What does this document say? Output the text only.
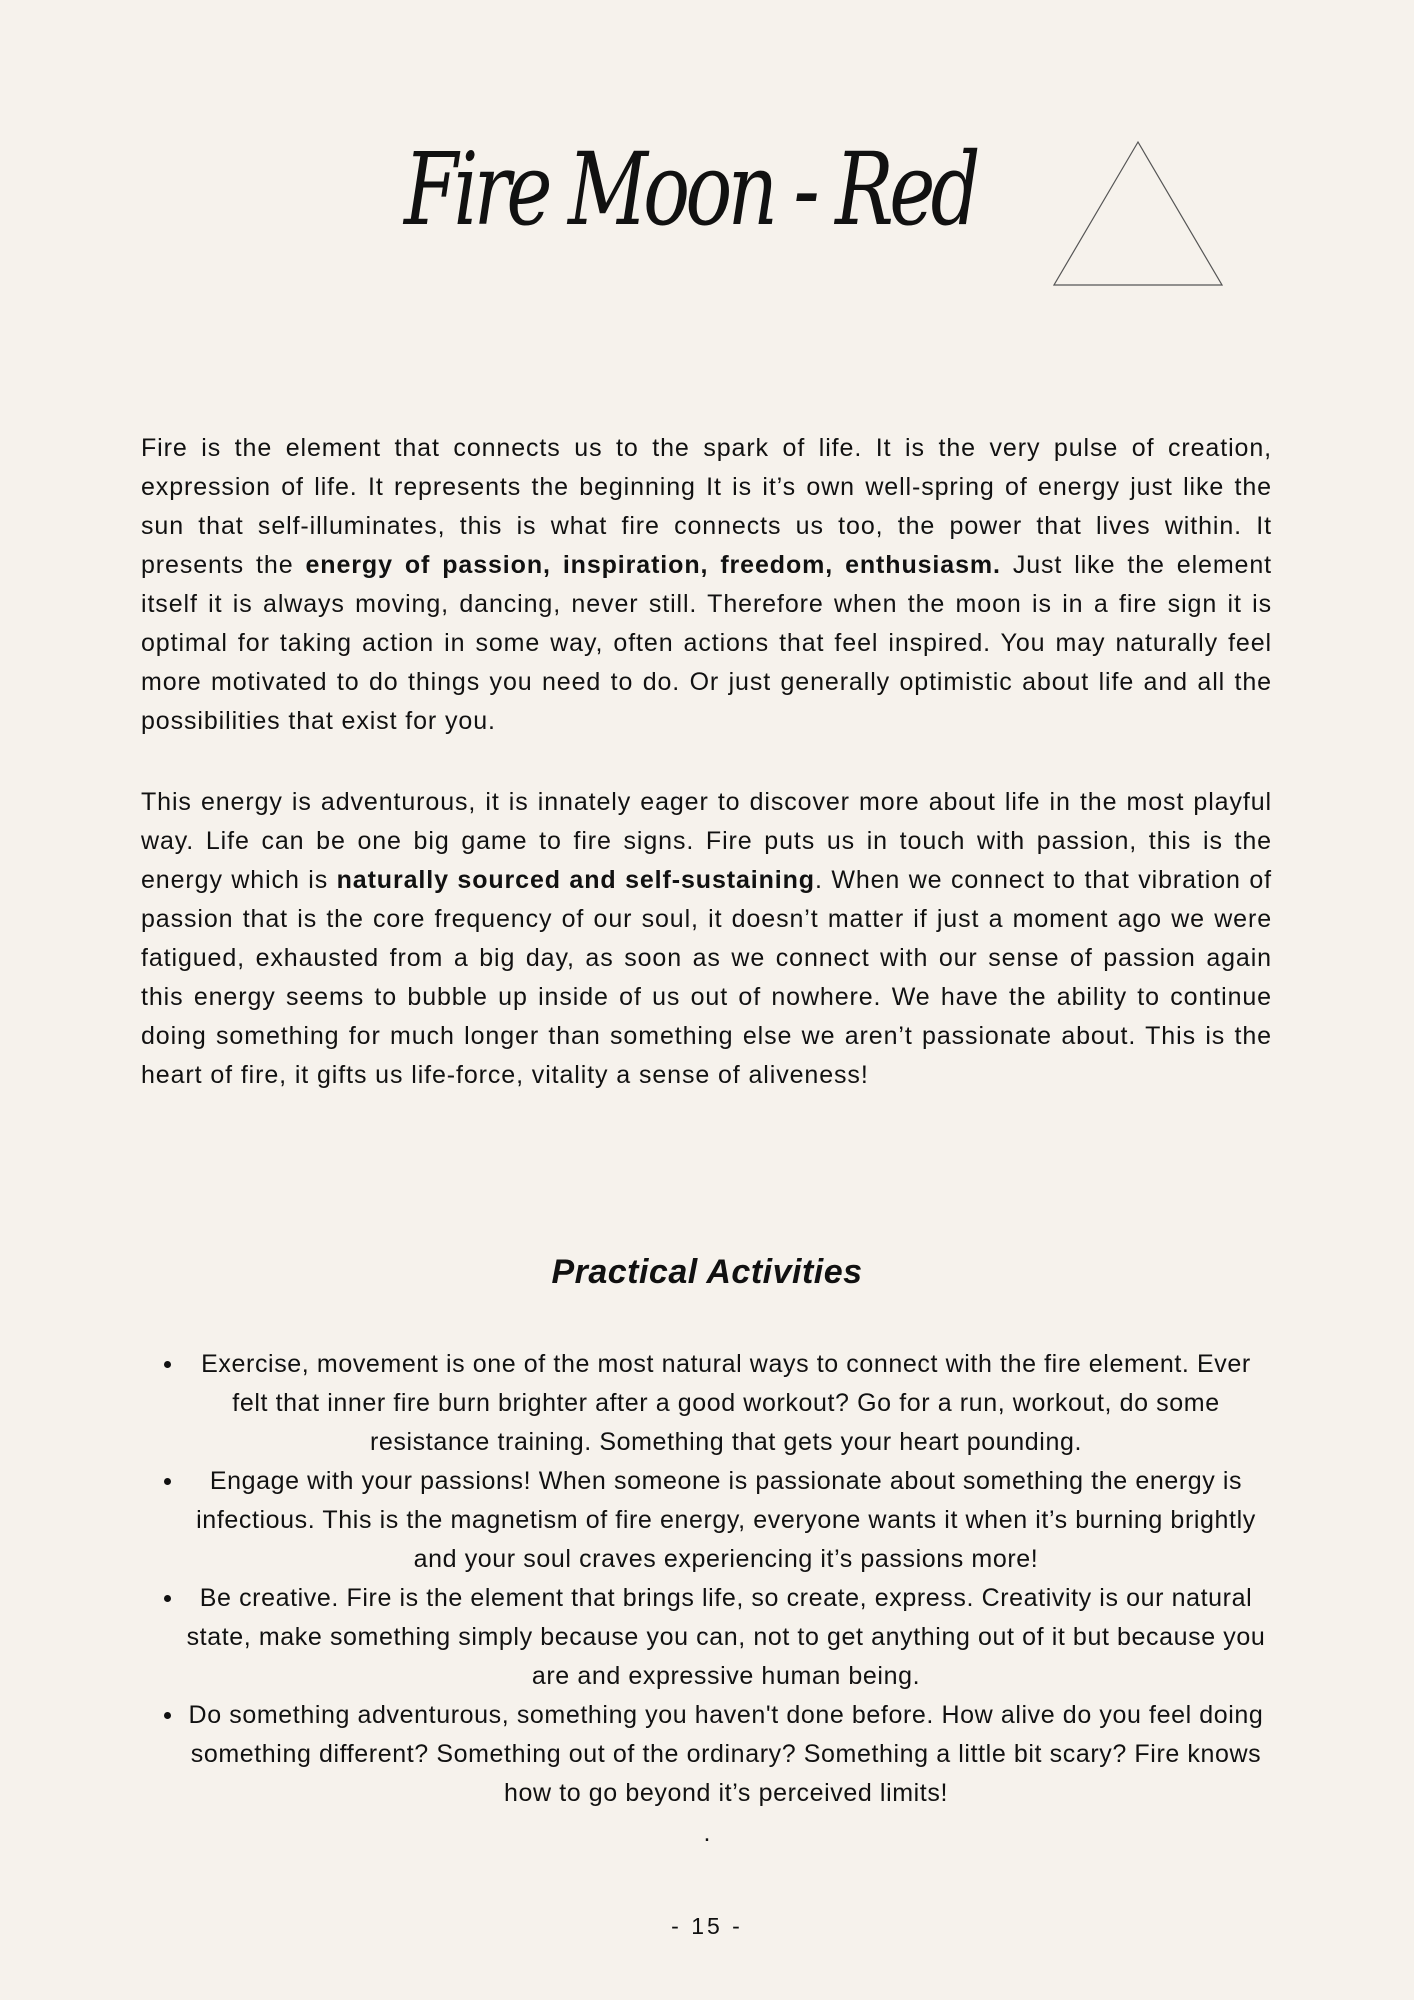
Fire Moon - Red

Fire is the element that connects us to the spark of life. It is the very pulse of creation, expression of life. It represents the beginning It is it’s own well-spring of energy just like the sun that self-illuminates, this is what fire connects us too, the power that lives within. It presents the energy of passion, inspiration, freedom, enthusiasm. Just like the element itself it is always moving, dancing, never still. Therefore when the moon is in a fire sign it is optimal for taking action in some way, often actions that feel inspired. You may naturally feel more motivated to do things you need to do. Or just generally optimistic about life and all the possibilities that exist for you.

This energy is adventurous, it is innately eager to discover more about life in the most playful way. Life can be one big game to fire signs. Fire puts us in touch with passion, this is the energy which is naturally sourced and self-sustaining. When we connect to that vibration of passion that is the core frequency of our soul, it doesn’t matter if just a moment ago we were fatigued, exhausted from a big day, as soon as we connect with our sense of passion again this energy seems to bubble up inside of us out of nowhere. We have the ability to continue doing something for much longer than something else we aren’t passionate about. This is the heart of fire, it gifts us life-force, vitality a sense of aliveness!

Practical Activities
Exercise, movement is one of the most natural ways to connect with the fire element. Ever felt that inner fire burn brighter after a good workout? Go for a run, workout, do some resistance training. Something that gets your heart pounding.
Engage with your passions! When someone is passionate about something the energy is infectious. This is the magnetism of fire energy, everyone wants it when it’s burning brightly and your soul craves experiencing it’s passions more!
Be creative. Fire is the element that brings life, so create, express. Creativity is our natural state, make something simply because you can, not to get anything out of it but because you are and expressive human being.
Do something adventurous, something you haven't done before. How alive do you feel doing something different? Something out of the ordinary? Something a little bit scary? Fire knows how to go beyond it’s perceived limits!
.
- 15 -
